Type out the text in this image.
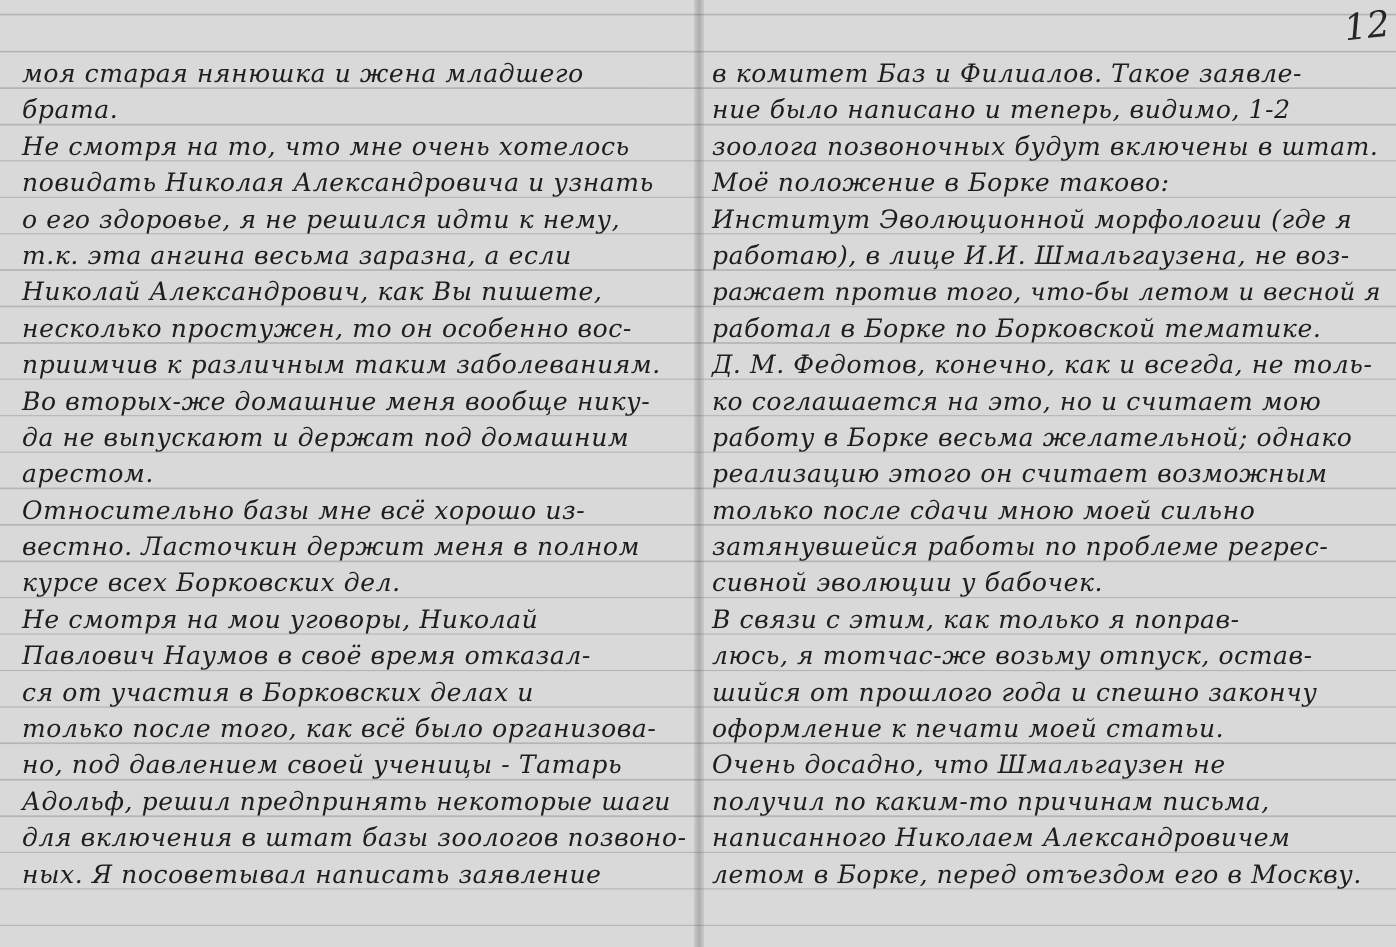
12
моя старая нянюшка и жена младшего
брата.
Не смотря на то, что мне очень хотелось
повидать Николая Александровича и узнать
о его здоровье, я не решился идти к нему,
т.к. эта ангина весьма заразна, а если
Николай Александрович, как Вы пишете,
несколько простужен, то он особенно вос-
приимчив к различным таким заболеваниям.
Во вторых-же домашние меня вообще нику-
да не выпускают и держат под домашним
арестом.
Относительно базы мне всё хорошо из-
вестно. Ласточкин держит меня в полном
курсе всех Борковских дел.
Не смотря на мои уговоры, Николай
Павлович Наумов в своё время отказал-
ся от участия в Борковских делах и
только после того, как всё было организова-
но, под давлением своей ученицы - Татарь
Адольф, решил предпринять некоторые шаги
для включения в штат базы зоологов позвоно-
ных. Я посоветывал написать заявление
в комитет Баз и Филиалов. Такое заявле-
ние было написано и теперь, видимо, 1-2
зоолога позвоночных будут включены в штат.
Моё положение в Борке таково:
Институт Эволюционной морфологии (где я
работаю), в лице И.И. Шмальгаузена, не воз-
ражает против того, что-бы летом и весной я
работал в Борке по Борковской тематике.
Д. М. Федотов, конечно, как и всегда, не толь-
ко соглашается на это, но и считает мою
работу в Борке весьма желательной; однако
реализацию этого он считает возможным
только после сдачи мною моей сильно
затянувшейся работы по проблеме регрес-
сивной эволюции у бабочек.
В связи с этим, как только я поправ-
люсь, я тотчас-же возьму отпуск, остав-
шийся от прошлого года и спешно закончу
оформление к печати моей статьи.
Очень досадно, что Шмальгаузен не
получил по каким-то причинам письма,
написанного Николаем Александровичем
летом в Борке, перед отъездом его в Москву.
